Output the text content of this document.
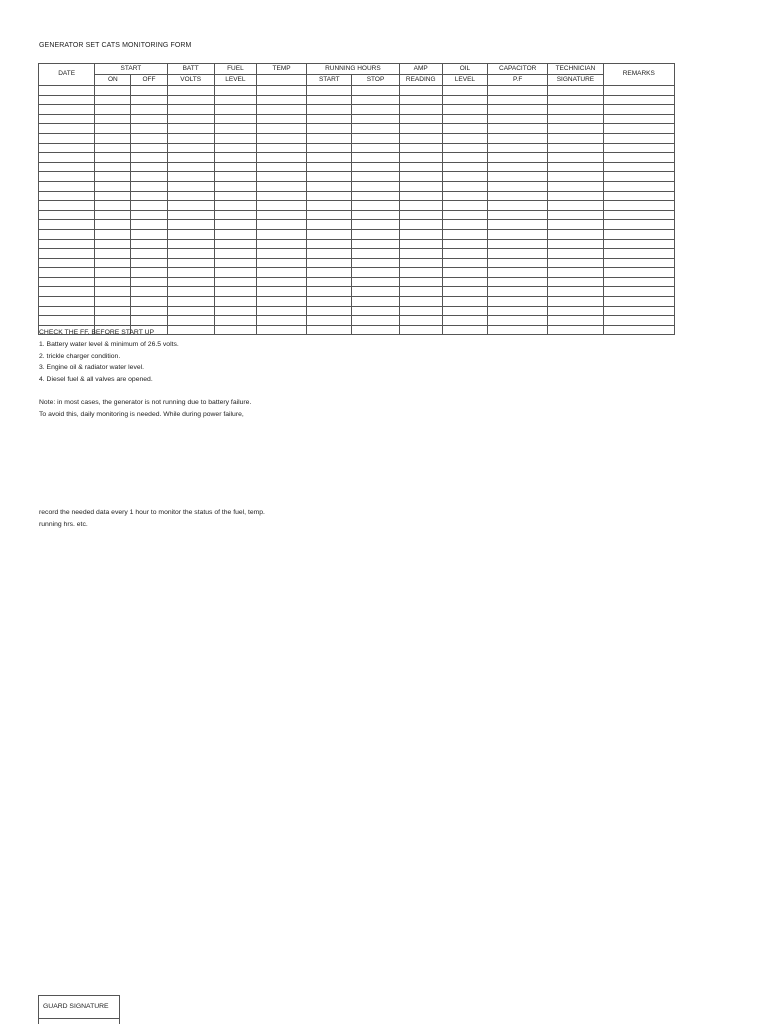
GENERATOR SET CATS MONITORING FORM
DATE	START		BATT	FUEL	TEMP	RUNNING HOURS		AMP	OIL	CAPACITOR	TECHNICIAN	REMARKS
	ON	OFF	VOLTS	LEVEL		START	STOP	READING	LEVEL	P.F	SIGNATURE	

CHECK THE FF. BEFORE START UP
1. Battery water level & minimum of 26.5 volts.
2. trickle charger condition.
3. Engine oil & radiator water level.
4. Diesel fuel & all valves are opened.
Note: in most cases, the generator is not running due to battery failure.
To avoid this, daily monitoring is needed. While during power failure,
record the needed data every 1 hour to monitor the status of the fuel, temp.
running hrs. etc.
GUARD SIGNATURE
